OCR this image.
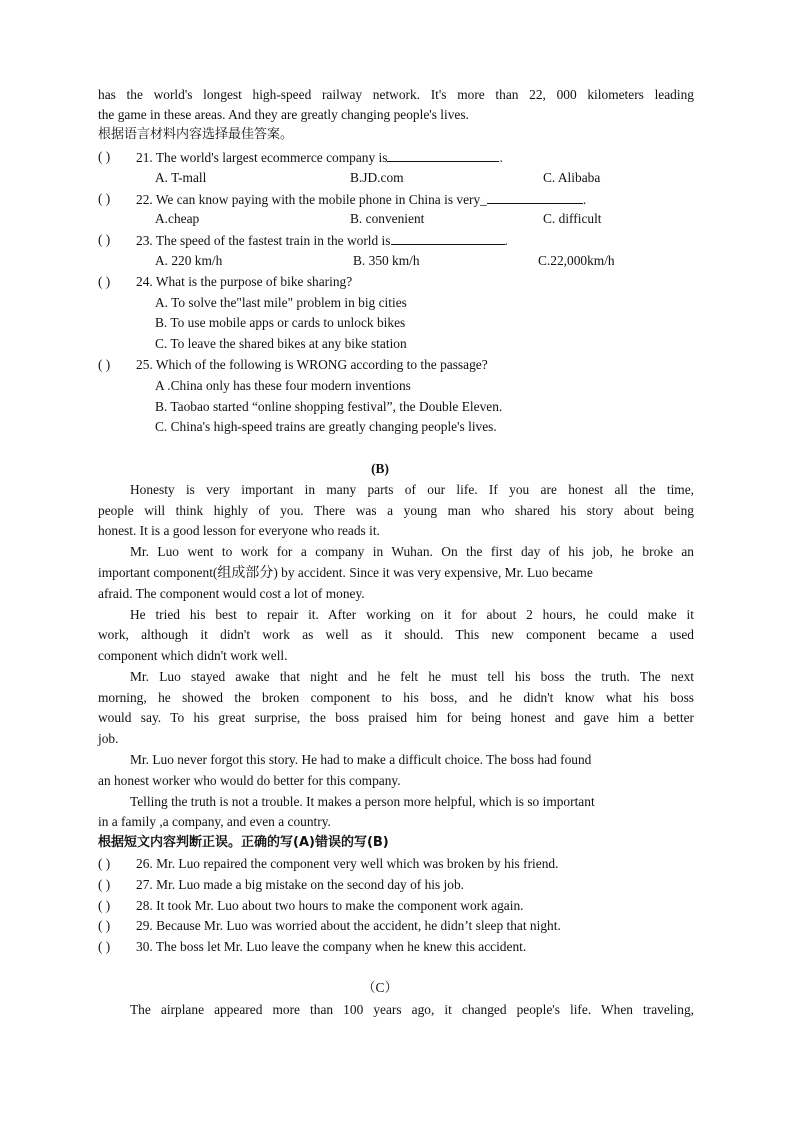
has the world's longest high-speed railway network. It's more than 22, 000 kilometers leading
the game in these areas. And they are greatly changing people's lives.
根据语言材料内容选择最佳答案。
( ) 21. The world's largest ecommerce company is	.
A. T-mall	B.JD.com	C. Alibaba
( ) 22. We can know paying with the mobile phone in China is very_	.
A.cheap	B. convenient	C. difficult
( ) 23. The speed of the fastest train in the world is	.
A. 220 km/h	B. 350 km/h	C.22,000km/h
( ) 24. What is the purpose of bike sharing?
A. To solve the"last mile" problem in big cities
B. To use mobile apps or cards to unlock bikes
C. To leave the shared bikes at any bike station
( ) 25. Which of the following is WRONG according to the passage?
A .China only has these four modern inventions
B. Taobao started “online shopping festival”, the Double Eleven.
C. China's high-speed trains are greatly changing people's lives.
(B)
Honesty is very important in many parts of our life. If you are honest all the time,
people will think highly of you. There was a young man who shared his story about being
honest. It is a good lesson for everyone who reads it.
Mr. Luo went to work for a company in Wuhan. On the first day of his job, he broke an
important component(组成部分) by accident. Since it was very expensive, Mr. Luo became
afraid. The component would cost a lot of money.
He tried his best to repair it. After working on it for about 2 hours, he could make it
work, although it didn't work as well as it should. This new component became a used
component which didn't work well.
Mr. Luo stayed awake that night and he felt he must tell his boss the truth. The next
morning, he showed the broken component to his boss, and he didn't know what his boss
would say. To his great surprise, the boss praised him for being honest and gave him a better
job.
Mr. Luo never forgot this story. He had to make a difficult choice. The boss had found
an honest worker who would do better for this company.
Telling the truth is not a trouble. It makes a person more helpful, which is so important
in a family ,a company, and even a country.
根据短文内容判断正误。正确的写(A)错误的写(B)
( ) 26. Mr. Luo repaired the component very well which was broken by his friend.
( ) 27. Mr. Luo made a big mistake on the second day of his job.
( ) 28. It took Mr. Luo about two hours to make the component work again.
( ) 29. Because Mr. Luo was worried about the accident, he didn’t sleep that night.
( ) 30. The boss let Mr. Luo leave the company when he knew this accident.
（C）
The airplane appeared more than 100 years ago, it changed people's life. When traveling,
